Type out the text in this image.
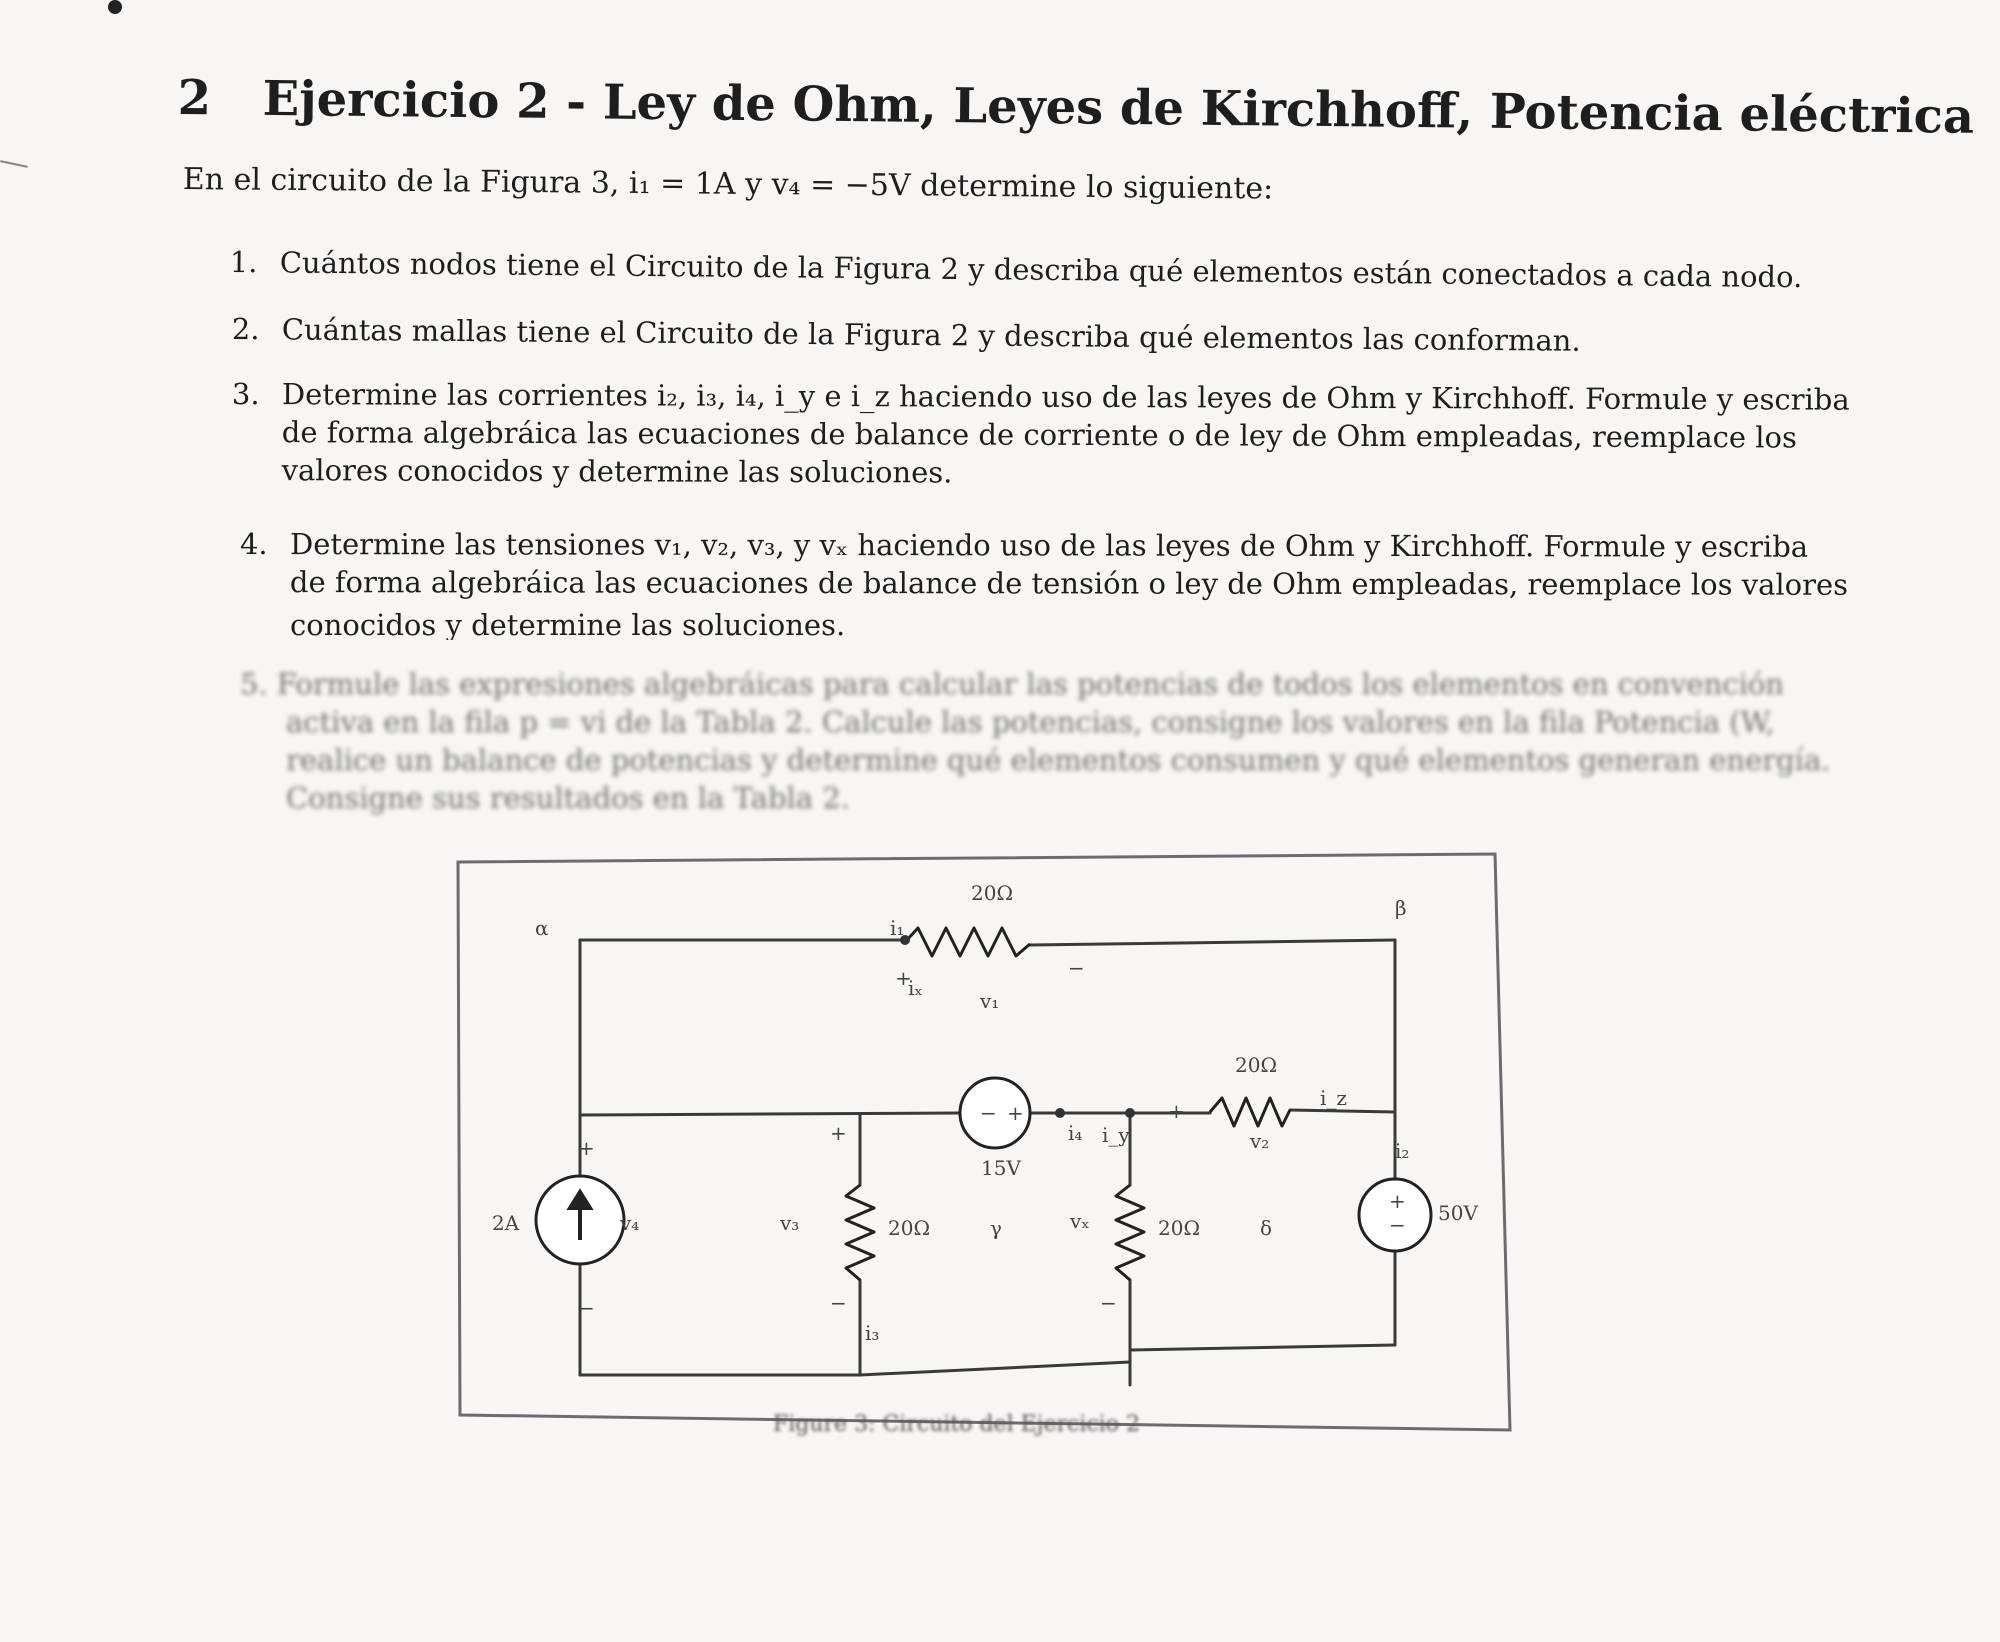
2 Ejercicio 2 - Ley de Ohm, Leyes de Kirchhoff, Potencia eléctrica
En el circuito de la Figura 3, i₁ = 1A y v₄ = −5V determine lo siguiente:
1. Cuántos nodos tiene el Circuito de la Figura 2 y describa qué elementos están conectados a cada nodo.
2. Cuántas mallas tiene el Circuito de la Figura 2 y describa qué elementos las conforman.
3. Determine las corrientes i₂, i₃, i₄, i_y e i_z haciendo uso de las leyes de Ohm y Kirchhoff. Formule y escriba
de forma algebráica las ecuaciones de balance de corriente o de ley de Ohm empleadas, reemplace los
valores conocidos y determine las soluciones.
4. Determine las tensiones v₁, v₂, v₃, y vₓ haciendo uso de las leyes de Ohm y Kirchhoff. Formule y escriba
de forma algebráica las ecuaciones de balance de tensión o ley de Ohm empleadas, reemplace los valores
conocidos y determine las soluciones.
5. Formule las expresiones algebráicas para calcular las potencias de todos los elementos en convención
activa en la fila p = vi de la Tabla 2. Calcule las potencias, consigne los valores en la fila Potencia (W,
realice un balance de potencias y determine qué elementos consumen y qué elementos generan energía.
Consigne sus resultados en la Tabla 2.
20Ω
20Ω
20Ω	20Ω
15V
50V
2A
α
β
γ	δ
v₁
v₂
v₄	v₃	vₓ
i₁
i_z
i₂
i₃
i₄ i_y
iₓ
+	−
+
−
+
−
+
−
+
−
+
−
Figure 3: Circuito del Ejercicio 2
